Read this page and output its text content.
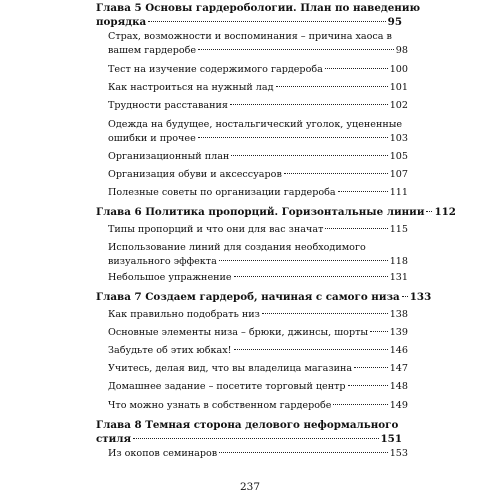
Глава 5 Основы гардеробологии. План по наведению
порядка	95
Страх, возможности и воспоминания – причина хаоса в
вашем гардеробе	98
Тест на изучение содержимого гардероба	100
Как настроиться на нужный лад	101
Трудности расставания	102
Одежда на будущее, ностальгический уголок, уцененные
ошибки и прочее	103
Организационный план	105
Организация обуви и аксессуаров	107
Полезные советы по организации гардероба	111
Глава 6 Политика пропорций. Горизонтальные линии 112
Типы пропорций и что они для вас значат	115
Использование линий для создания необходимого
визуального эффекта	118
Небольшое упражнение	131
Глава 7 Создаем гардероб, начиная с самого низа 133
Как правильно подобрать низ	138
Основные элементы низа – брюки, джинсы, шорты 139
Забудьте об этих юбках!	146
Учитесь, делая вид, что вы владелица магазина	147
Домашнее задание – посетите торговый центр	148
Что можно узнать в собственном гардеробе	149
Глава 8 Темная сторона делового неформального
стиля	151
Из окопов семинаров	153
237
